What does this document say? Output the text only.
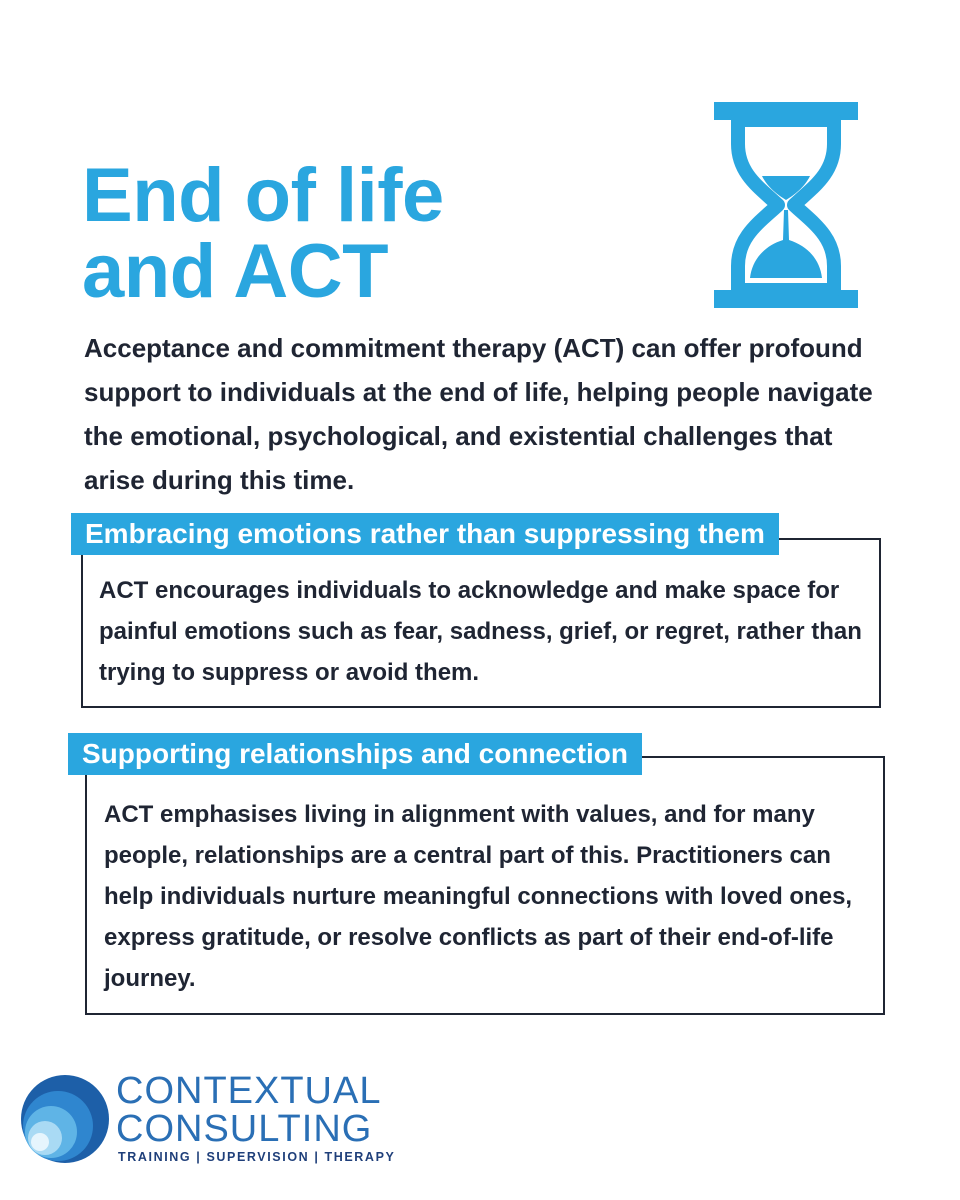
End of life
and ACT

Acceptance and commitment therapy (ACT) can offer profound support to individuals at the end of life, helping people navigate the emotional, psychological, and existential challenges that arise during this time.

ACT encourages individuals to acknowledge and make space for painful emotions such as fear, sadness, grief, or regret, rather than trying to suppress or avoid them.

Embracing emotions rather than suppressing them

ACT emphasises living in alignment with values, and for many people, relationships are a central part of this. Practitioners can help individuals nurture meaningful connections with loved ones, express gratitude, or resolve conflicts as part of their end-of-life journey.

Supporting relationships and connection
CONTEXTUAL
CONSULTING
TRAINING | SUPERVISION | THERAPY
